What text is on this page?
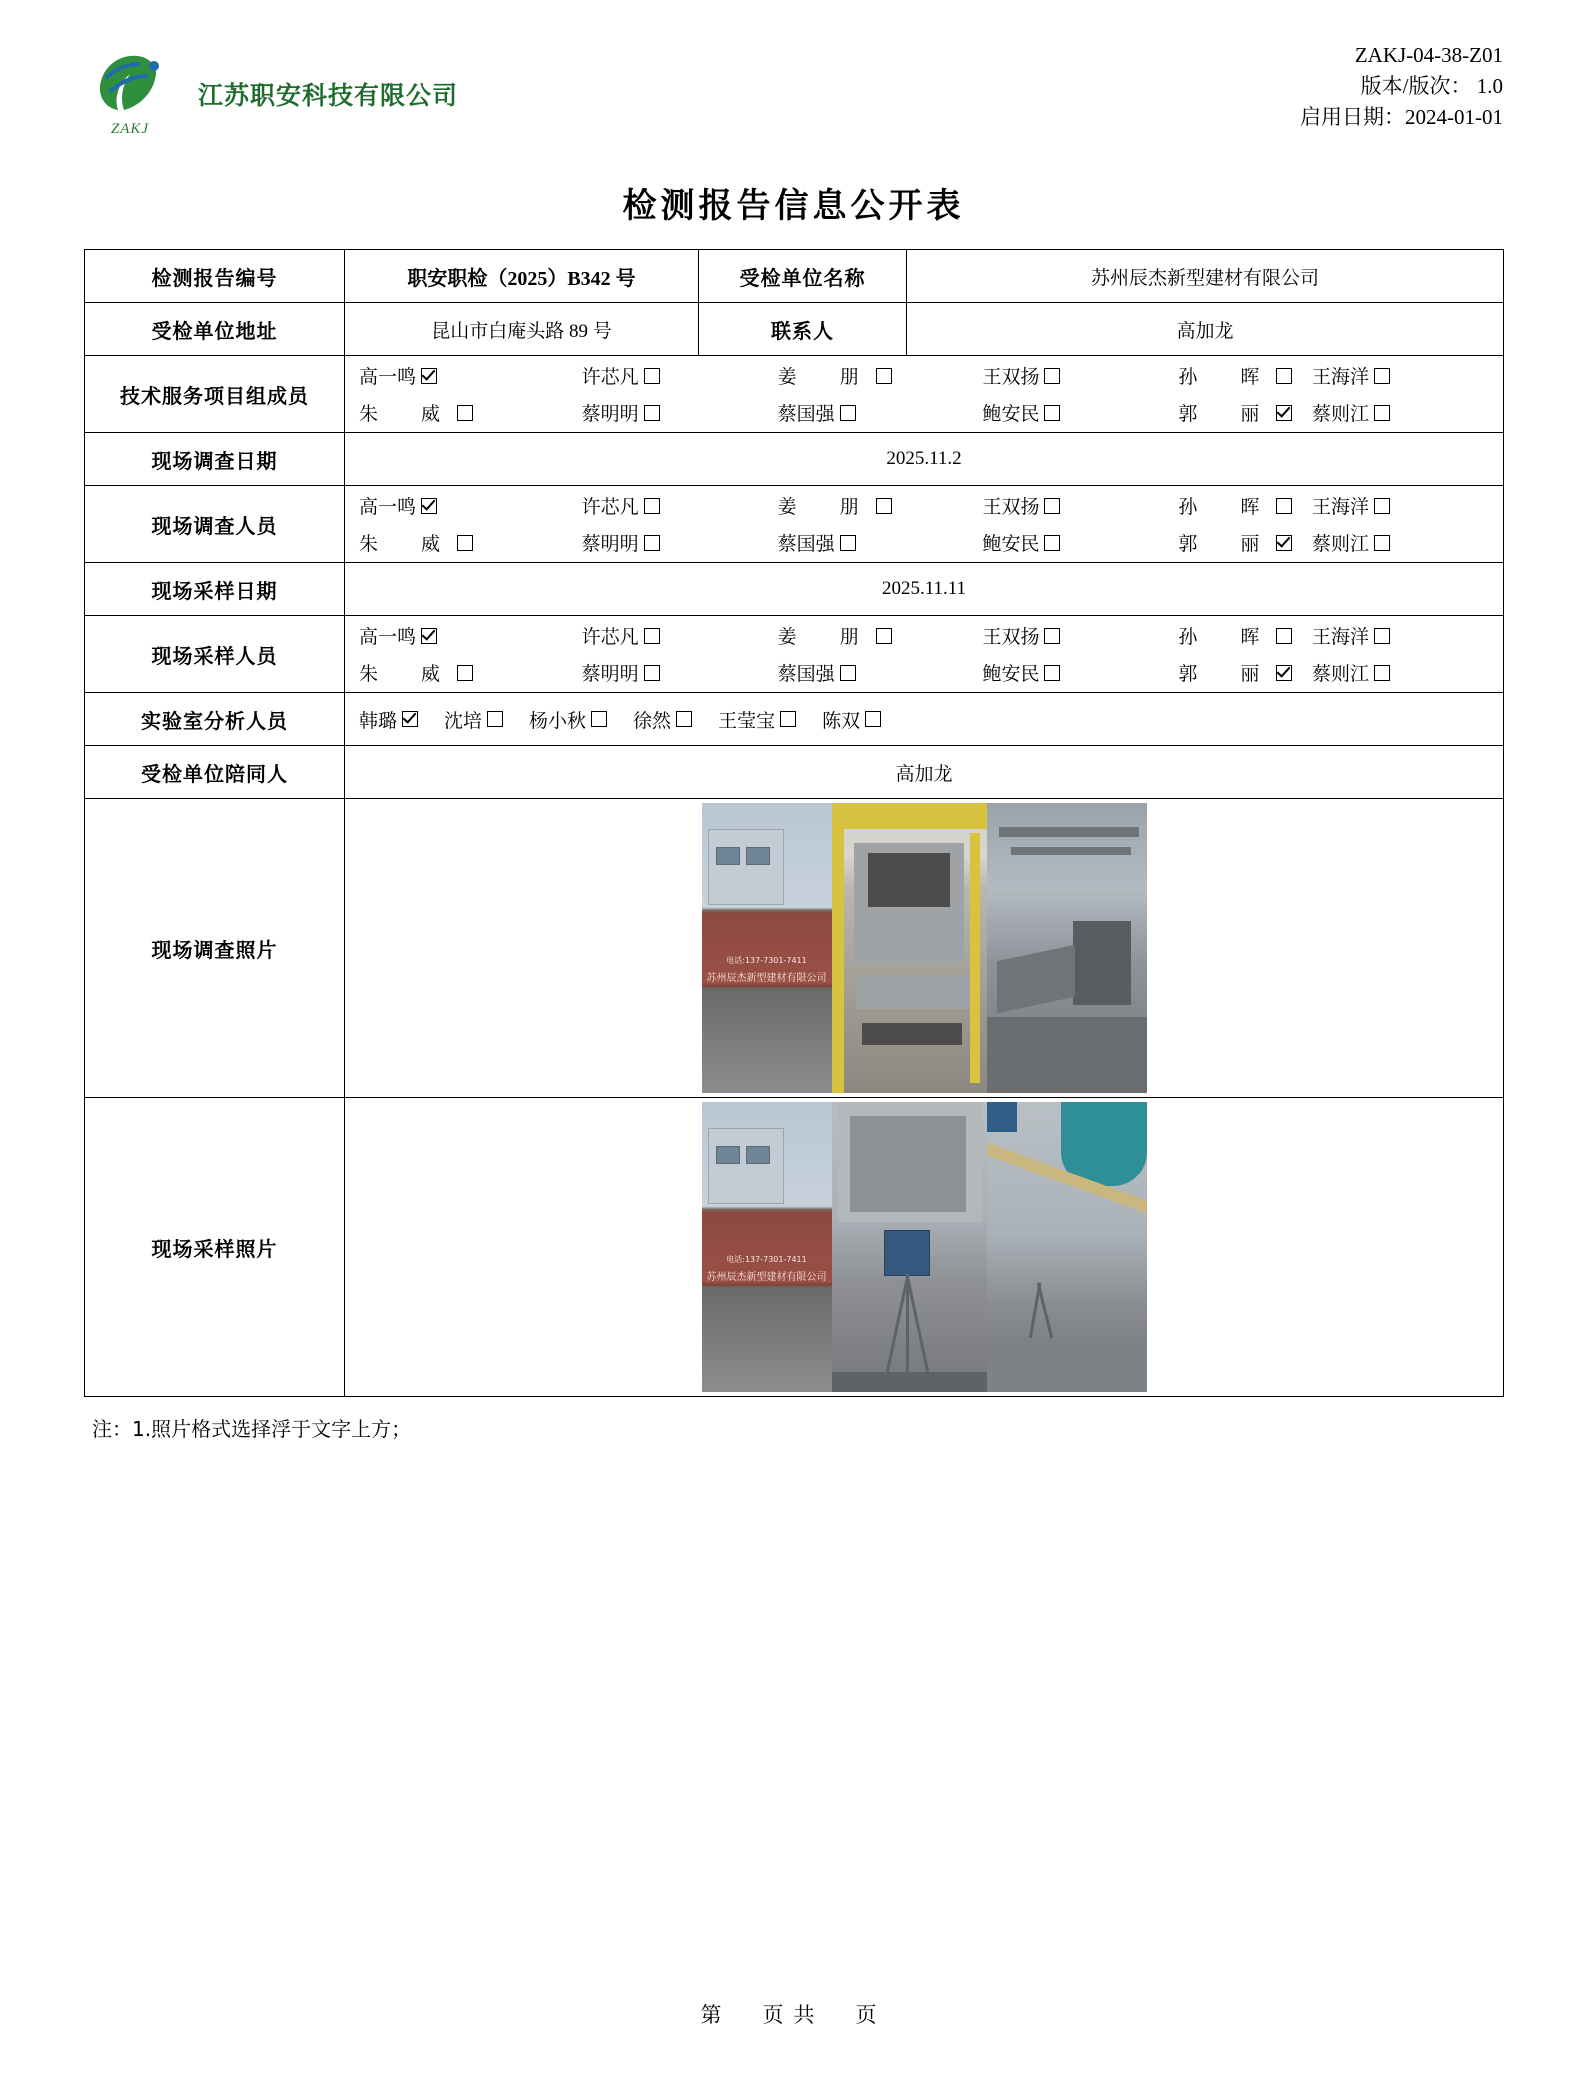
ZAKJ
江苏职安科技有限公司
ZAKJ-04-38-Z01
版本/版次： 1.0
启用日期：2024-01-01
检测报告信息公开表
检测报告编号	职安职检（2025）B342 号	受检单位名称	苏州辰杰新型建材有限公司
受检单位地址	昆山市白庵头路 89 号	联系人	高加龙
技术服务项目组成员	
高一鸣	许芯凡	姜　朋	王双扬	孙　晖 王海洋
朱　威	蔡明明	蔡国强	鲍安民	郭　丽 蔡则江

现场调查日期	2025.11.2		
现场调查人员	
高一鸣	许芯凡	姜　朋	王双扬	孙　晖 王海洋
朱　威	蔡明明	蔡国强	鲍安民	郭　丽 蔡则江

现场采样日期	2025.11.11		
现场采样人员	
高一鸣	许芯凡	姜　朋	王双扬	孙　晖 王海洋
朱　威	蔡明明	蔡国强	鲍安民	郭　丽 蔡则江

实验室分析人员	韩璐 沈培 杨小秋 徐然 王莹宝 陈双

受检单位陪同人	高加龙		
现场调查照片	电话:137-7301-7411
苏州辰杰新型建材有限公司		

现场采样照片	电话:137-7301-7411
苏州辰杰新型建材有限公司		
注：1.照片格式选择浮于文字上方；
第　页共　页
